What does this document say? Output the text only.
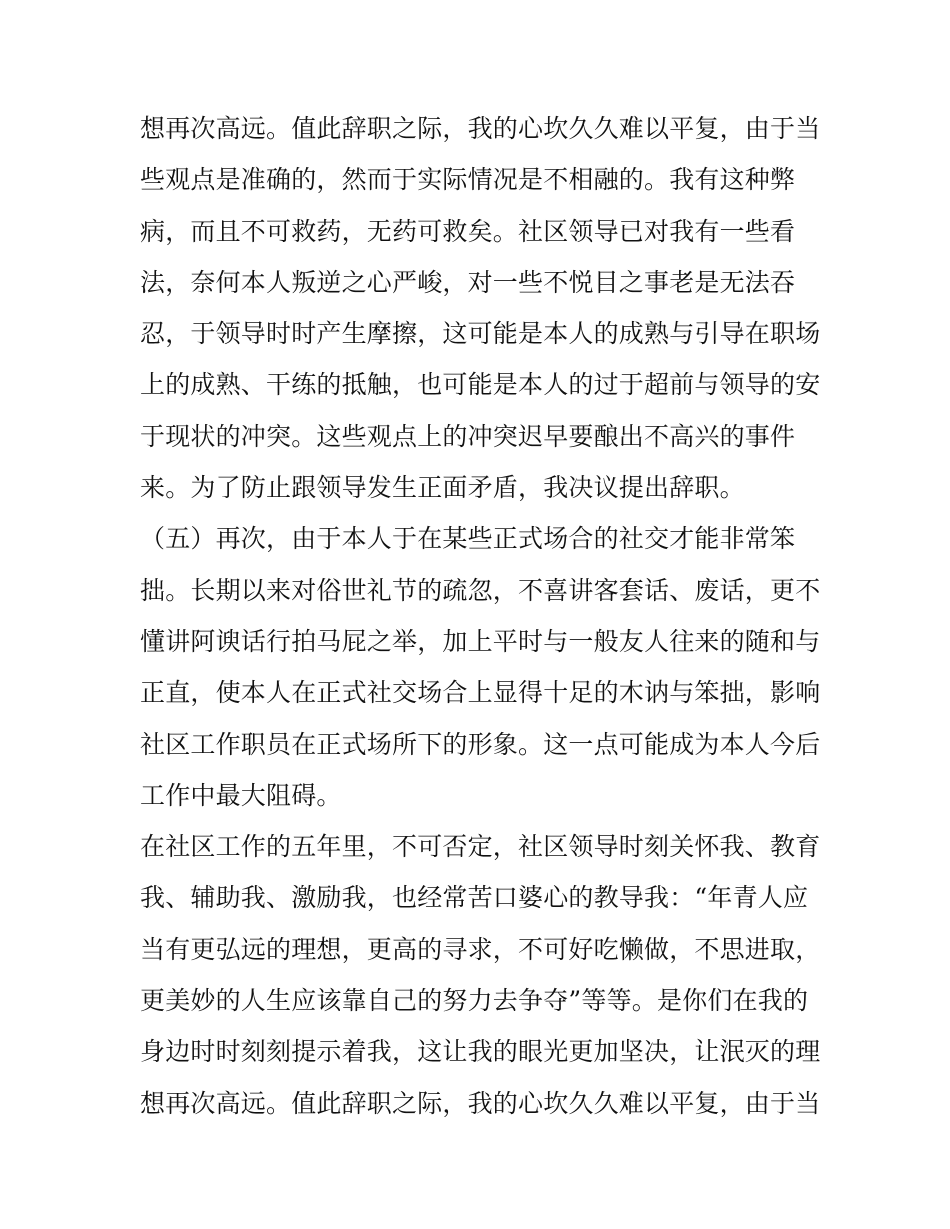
想再次高远。值此辞职之际，我的心坎久久难以平复，由于当
些观点是准确的，然而于实际情况是不相融的。我有这种弊
病，而且不可救药，无药可救矣。社区领导已对我有一些看
法，奈何本人叛逆之心严峻，对一些不悦目之事老是无法吞
忍，于领导时时产生摩擦，这可能是本人的成熟与引导在职场
上的成熟、干练的抵触，也可能是本人的过于超前与领导的安
于现状的冲突。这些观点上的冲突迟早要酿出不高兴的事件
来。为了防止跟领导发生正面矛盾，我决议提出辞职。
（五）再次，由于本人于在某些正式场合的社交才能非常笨
拙。长期以来对俗世礼节的疏忽，不喜讲客套话、废话，更不
懂讲阿谀话行拍马屁之举，加上平时与一般友人往来的随和与
正直，使本人在正式社交场合上显得十足的木讷与笨拙，影响
社区工作职员在正式场所下的形象。这一点可能成为本人今后
工作中最大阻碍。
在社区工作的五年里，不可否定，社区领导时刻关怀我、教育
我、辅助我、激励我，也经常苦口婆心的教导我：“年青人应
当有更弘远的理想，更高的寻求，不可好吃懒做，不思进取，
更美妙的人生应该靠自己的努力去争夺”等等。是你们在我的
身边时时刻刻提示着我，这让我的眼光更加坚决，让泯灭的理
想再次高远。值此辞职之际，我的心坎久久难以平复，由于当
